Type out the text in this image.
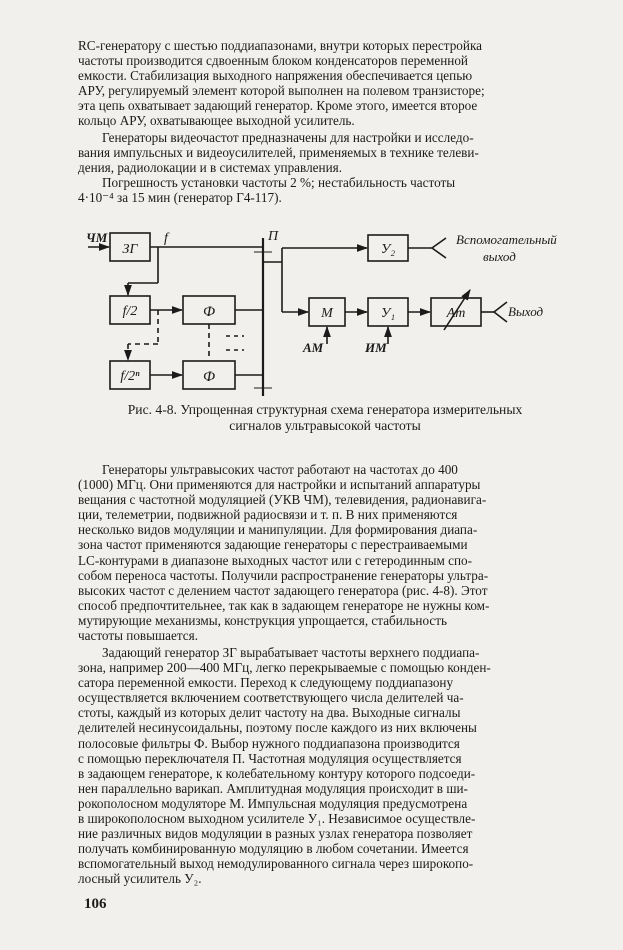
RC-генератору с шестью поддиапазонами, внутри которых перестройка
частоты производится сдвоенным блоком конденсаторов переменной
емкости. Стабилизация выходного напряжения обеспечивается цепью
АРУ, регулируемый элемент которой выполнен на полевом транзисторе;
эта цепь охватывает задающий генератор. Кроме этого, имеется второе
кольцо АРУ, охватывающее выходной усилитель.
Генераторы видеочастот предназначены для настройки и исследо-
вания импульсных и видеоусилителей, применяемых в технике телеви-
дения, радиолокации и в системах управления.
Погрешность установки частоты 2 %; нестабильность частоты
4·10⁻⁴ за 15 мин (генератор Г4-117).
ЧМ
ЗГ
f	П
f/2	Ф
f/2ⁿ	Ф
М
АМ
У₂
У₁
ИМ
Ат
Вспомогательный
выход
Выход
Рис. 4-8. Упрощенная структурная схема генератора измерительных
сигналов ультравысокой частоты
Генераторы ультравысоких частот работают на частотах до 400
(1000) МГц. Они применяются для настройки и испытаний аппаратуры
вещания с частотной модуляцией (УКВ ЧМ), телевидения, радионавига-
ции, телеметрии, подвижной радиосвязи и т. п. В них применяются
несколько видов модуляции и манипуляции. Для формирования диапа-
зона частот применяются задающие генераторы с перестраиваемыми
LC-контурами в диапазоне выходных частот или с гетеродинным спо-
собом переноса частоты. Получили распространение генераторы ультра-
высоких частот с делением частот задающего генератора (рис. 4-8). Этот
способ предпочтительнее, так как в задающем генераторе не нужны ком-
мутирующие механизмы, конструкция упрощается, стабильность
частоты повышается.
Задающий генератор ЗГ вырабатывает частоты верхнего поддиапа-
зона, например 200—400 МГц, легко перекрываемые с помощью конден-
сатора переменной емкости. Переход к следующему поддиапазону
осуществляется включением соответствующего числа делителей ча-
стоты, каждый из которых делит частоту на два. Выходные сигналы
делителей несинусоидальны, поэтому после каждого из них включены
полосовые фильтры Ф. Выбор нужного поддиапазона производится
с помощью переключателя П. Частотная модуляция осуществляется
в задающем генераторе, к колебательному контуру которого подсоеди-
нен параллельно варикап. Амплитудная модуляция происходит в ши-
рокополосном модуляторе М. Импульсная модуляция предусмотрена
в широкополосном выходном усилителе У₁. Независимое осуществле-
ние различных видов модуляции в разных узлах генератора позволяет
получать комбинированную модуляцию в любом сочетании. Имеется
вспомогательный выход немодулированного сигнала через широкопо-
лосный усилитель У₂.
106
